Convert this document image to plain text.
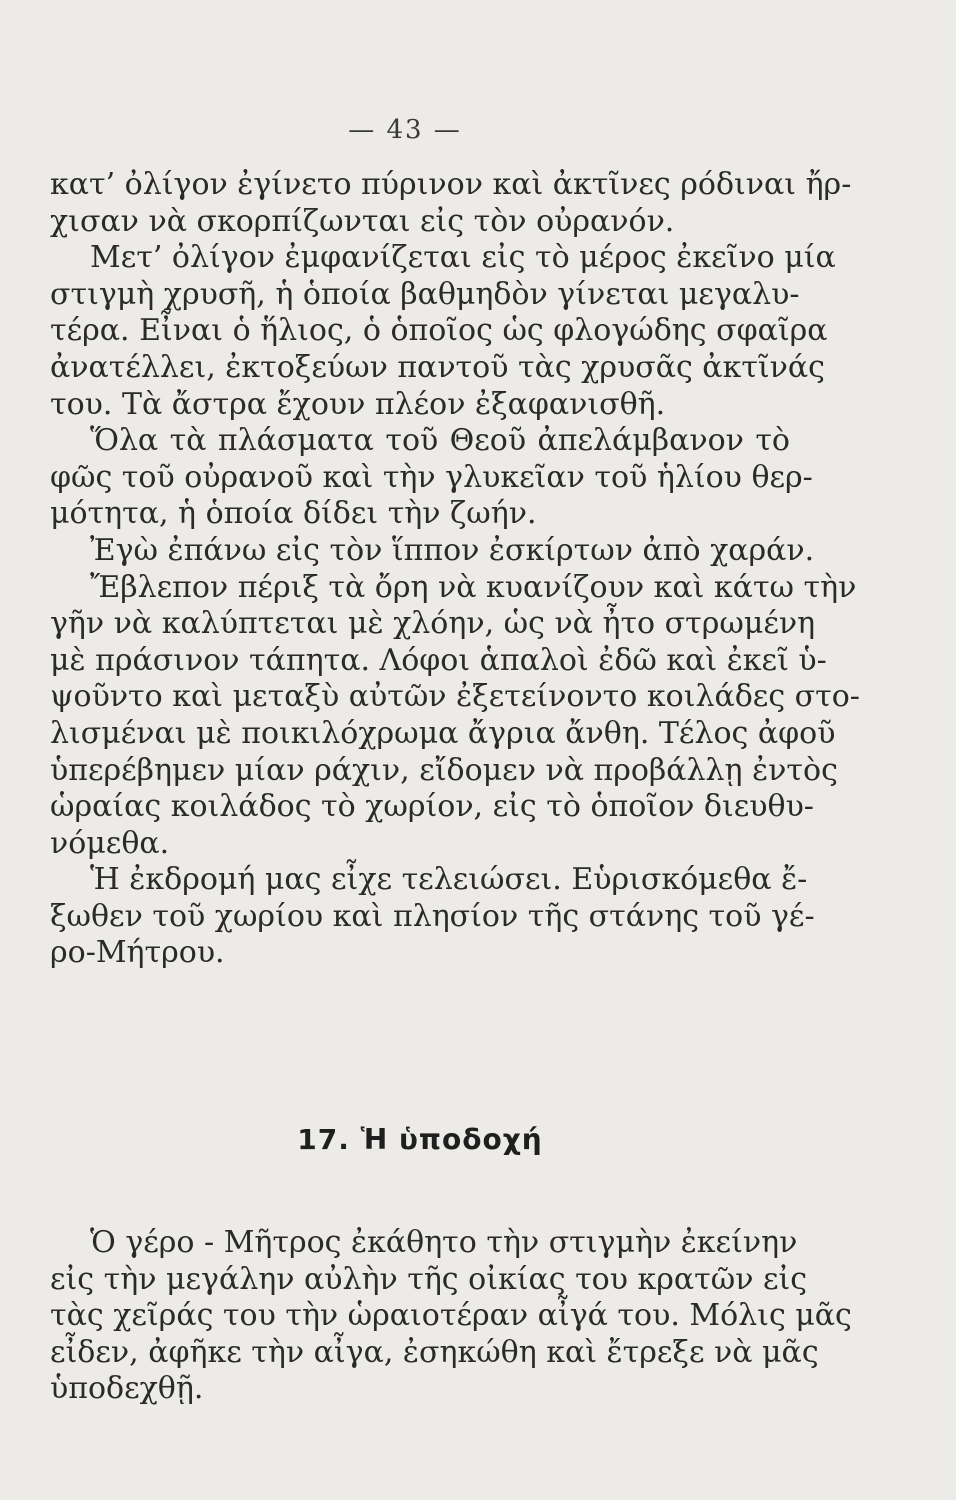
— 43 —
κατ’ ὀλίγον ἐγίνετο πύρινον καὶ ἀκτῖνες ρόδιναι ἤρ-
χισαν νὰ σκορπίζωνται εἰς τὸν οὐρανόν.
Μετ’ ὀλίγον ἐμφανίζεται εἰς τὸ μέρος ἐκεῖνο μία
στιγμὴ χρυσῆ, ἡ ὁποία βαθμηδὸν γίνεται μεγαλυ-
τέρα. Εἶναι ὁ ἥλιος, ὁ ὁποῖος ὡς φλογώδης σφαῖρα
ἀνατέλλει, ἐκτοξεύων παντοῦ τὰς χρυσᾶς ἀκτῖνάς
του. Τὰ ἄστρα ἔχουν πλέον ἐξαφανισθῆ.
Ὅλα τὰ πλάσματα τοῦ Θεοῦ ἀπελάμβανον τὸ
φῶς τοῦ οὐρανοῦ καὶ τὴν γλυκεῖαν τοῦ ἡλίου θερ-
μότητα, ἡ ὁποία δίδει τὴν ζωήν.
Ἐγὼ ἐπάνω εἰς τὸν ἵππον ἐσκίρτων ἀπὸ χαράν.
Ἔβλεπον πέριξ τὰ ὄρη νὰ κυανίζουν καὶ κάτω τὴν
γῆν νὰ καλύπτεται μὲ χλόην, ὡς νὰ ἦτο στρωμένη
μὲ πράσινον τάπητα. Λόφοι ἁπαλοὶ ἐδῶ καὶ ἐκεῖ ὑ-
ψοῦντο καὶ μεταξὺ αὐτῶν ἐξετείνοντο κοιλάδες στο-
λισμέναι μὲ ποικιλόχρωμα ἄγρια ἄνθη. Τέλος ἀφοῦ
ὑπερέβημεν μίαν ράχιν, εἴδομεν νὰ προβάλλῃ ἐντὸς
ὡραίας κοιλάδος τὸ χωρίον, εἰς τὸ ὁποῖον διευθυ-
νόμεθα.
Ἡ ἐκδρομή μας εἶχε τελειώσει. Εὑρισκόμεθα ἔ-
ξωθεν τοῦ χωρίου καὶ πλησίον τῆς στάνης τοῦ γέ-
ρο-Μήτρου.
17. Ἡ ὑποδοχή
Ὁ γέρο - Μῆτρος ἐκάθητο τὴν στιγμὴν ἐκείνην
εἰς τὴν μεγάλην αὐλὴν τῆς οἰκίας του κρατῶν εἰς
τὰς χεῖράς του τὴν ὡραιοτέραν αἶγά του. Μόλις μᾶς
εἶδεν, ἀφῆκε τὴν αἶγα, ἐσηκώθη καὶ ἔτρεξε νὰ μᾶς
ὑποδεχθῇ.
